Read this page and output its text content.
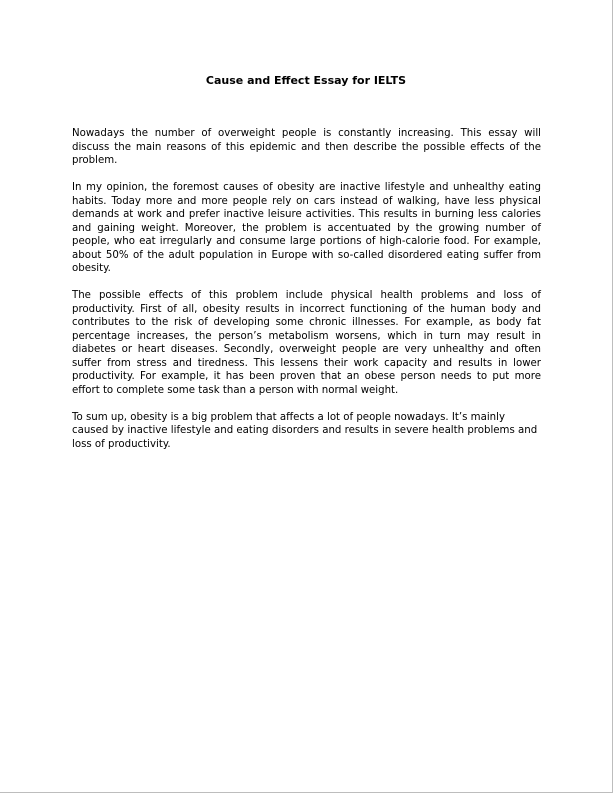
Cause and Effect Essay for IELTS

Nowadays the number of overweight people is constantly increasing. This essay will discuss the main reasons of this epidemic and then describe the possible effects of the problem.

In my opinion, the foremost causes of obesity are inactive lifestyle and unhealthy eating habits. Today more and more people rely on cars instead of walking, have less physical demands at work and prefer inactive leisure activities. This results in burning less calories and gaining weight. Moreover, the problem is accentuated by the growing number of people, who eat irregularly and consume large portions of high-calorie food. For example, about 50% of the adult population in Europe with so-called disordered eating suffer from obesity.

The possible effects of this problem include physical health problems and loss of productivity. First of all, obesity results in incorrect functioning of the human body and contributes to the risk of developing some chronic illnesses. For example, as body fat percentage increases, the person’s metabolism worsens, which in turn may result in diabetes or heart diseases. Secondly, overweight people are very unhealthy and often suffer from stress and tiredness. This lessens their work capacity and results in lower productivity. For example, it has been proven that an obese person needs to put more effort to complete some task than a person with normal weight.

To sum up, obesity is a big problem that affects a lot of people nowadays. It’s mainly caused by inactive lifestyle and eating disorders and results in severe health problems and loss of productivity.
